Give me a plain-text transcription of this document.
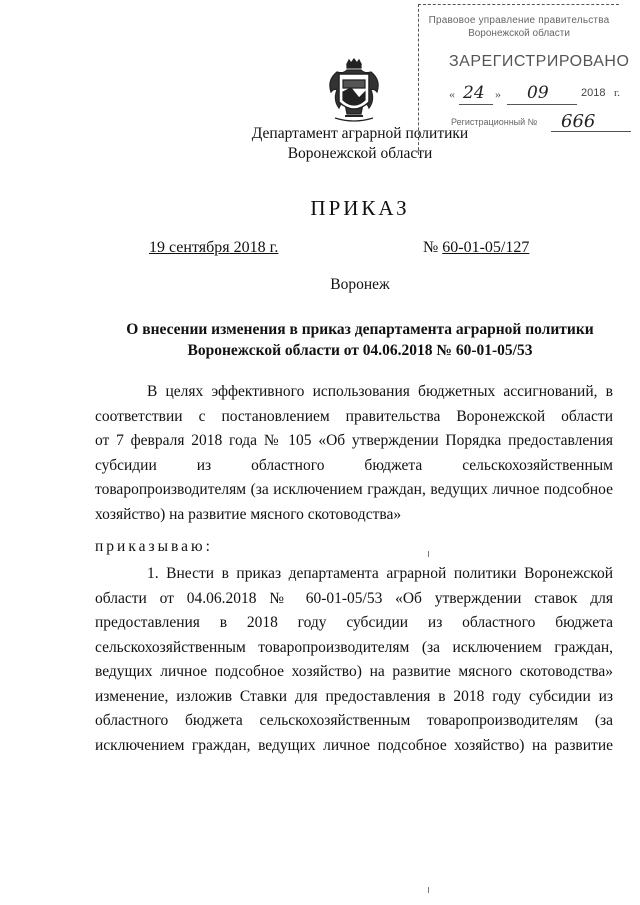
Правовое управление правительства
Воронежской области
ЗАРЕГИСТРИРОВАНО
« 24 » 09	2018 г.
Регистрационный № 666
Департамент аграрной политики
Воронежской области
ПРИКАЗ
19 сентября 2018 г.	№ 60-01-05/127
Воронеж
О внесении изменения в приказ департамента аграрной политики
Воронежской области от 04.06.2018 № 60-01-05/53
В целях эффективного использования бюджетных ассигнований, в
соответствии с постановлением правительства Воронежской области
от 7 февраля 2018 года № 105 «Об утверждении Порядка предоставления
субсидии из областного бюджета сельскохозяйственным
товаропроизводителям (за исключением граждан, ведущих личное подсобное
хозяйство) на развитие мясного скотоводства»
приказываю:
1. Внести в приказ департамента аграрной политики Воронежской
области от 04.06.2018 № 60-01-05/53 «Об утверждении ставок для
предоставления в 2018 году субсидии из областного бюджета
сельскохозяйственным товаропроизводителям (за исключением граждан,
ведущих личное подсобное хозяйство) на развитие мясного скотоводства»
изменение, изложив Ставки для предоставления в 2018 году субсидии из
областного бюджета сельскохозяйственным товаропроизводителям (за
исключением граждан, ведущих личное подсобное хозяйство) на развитие
